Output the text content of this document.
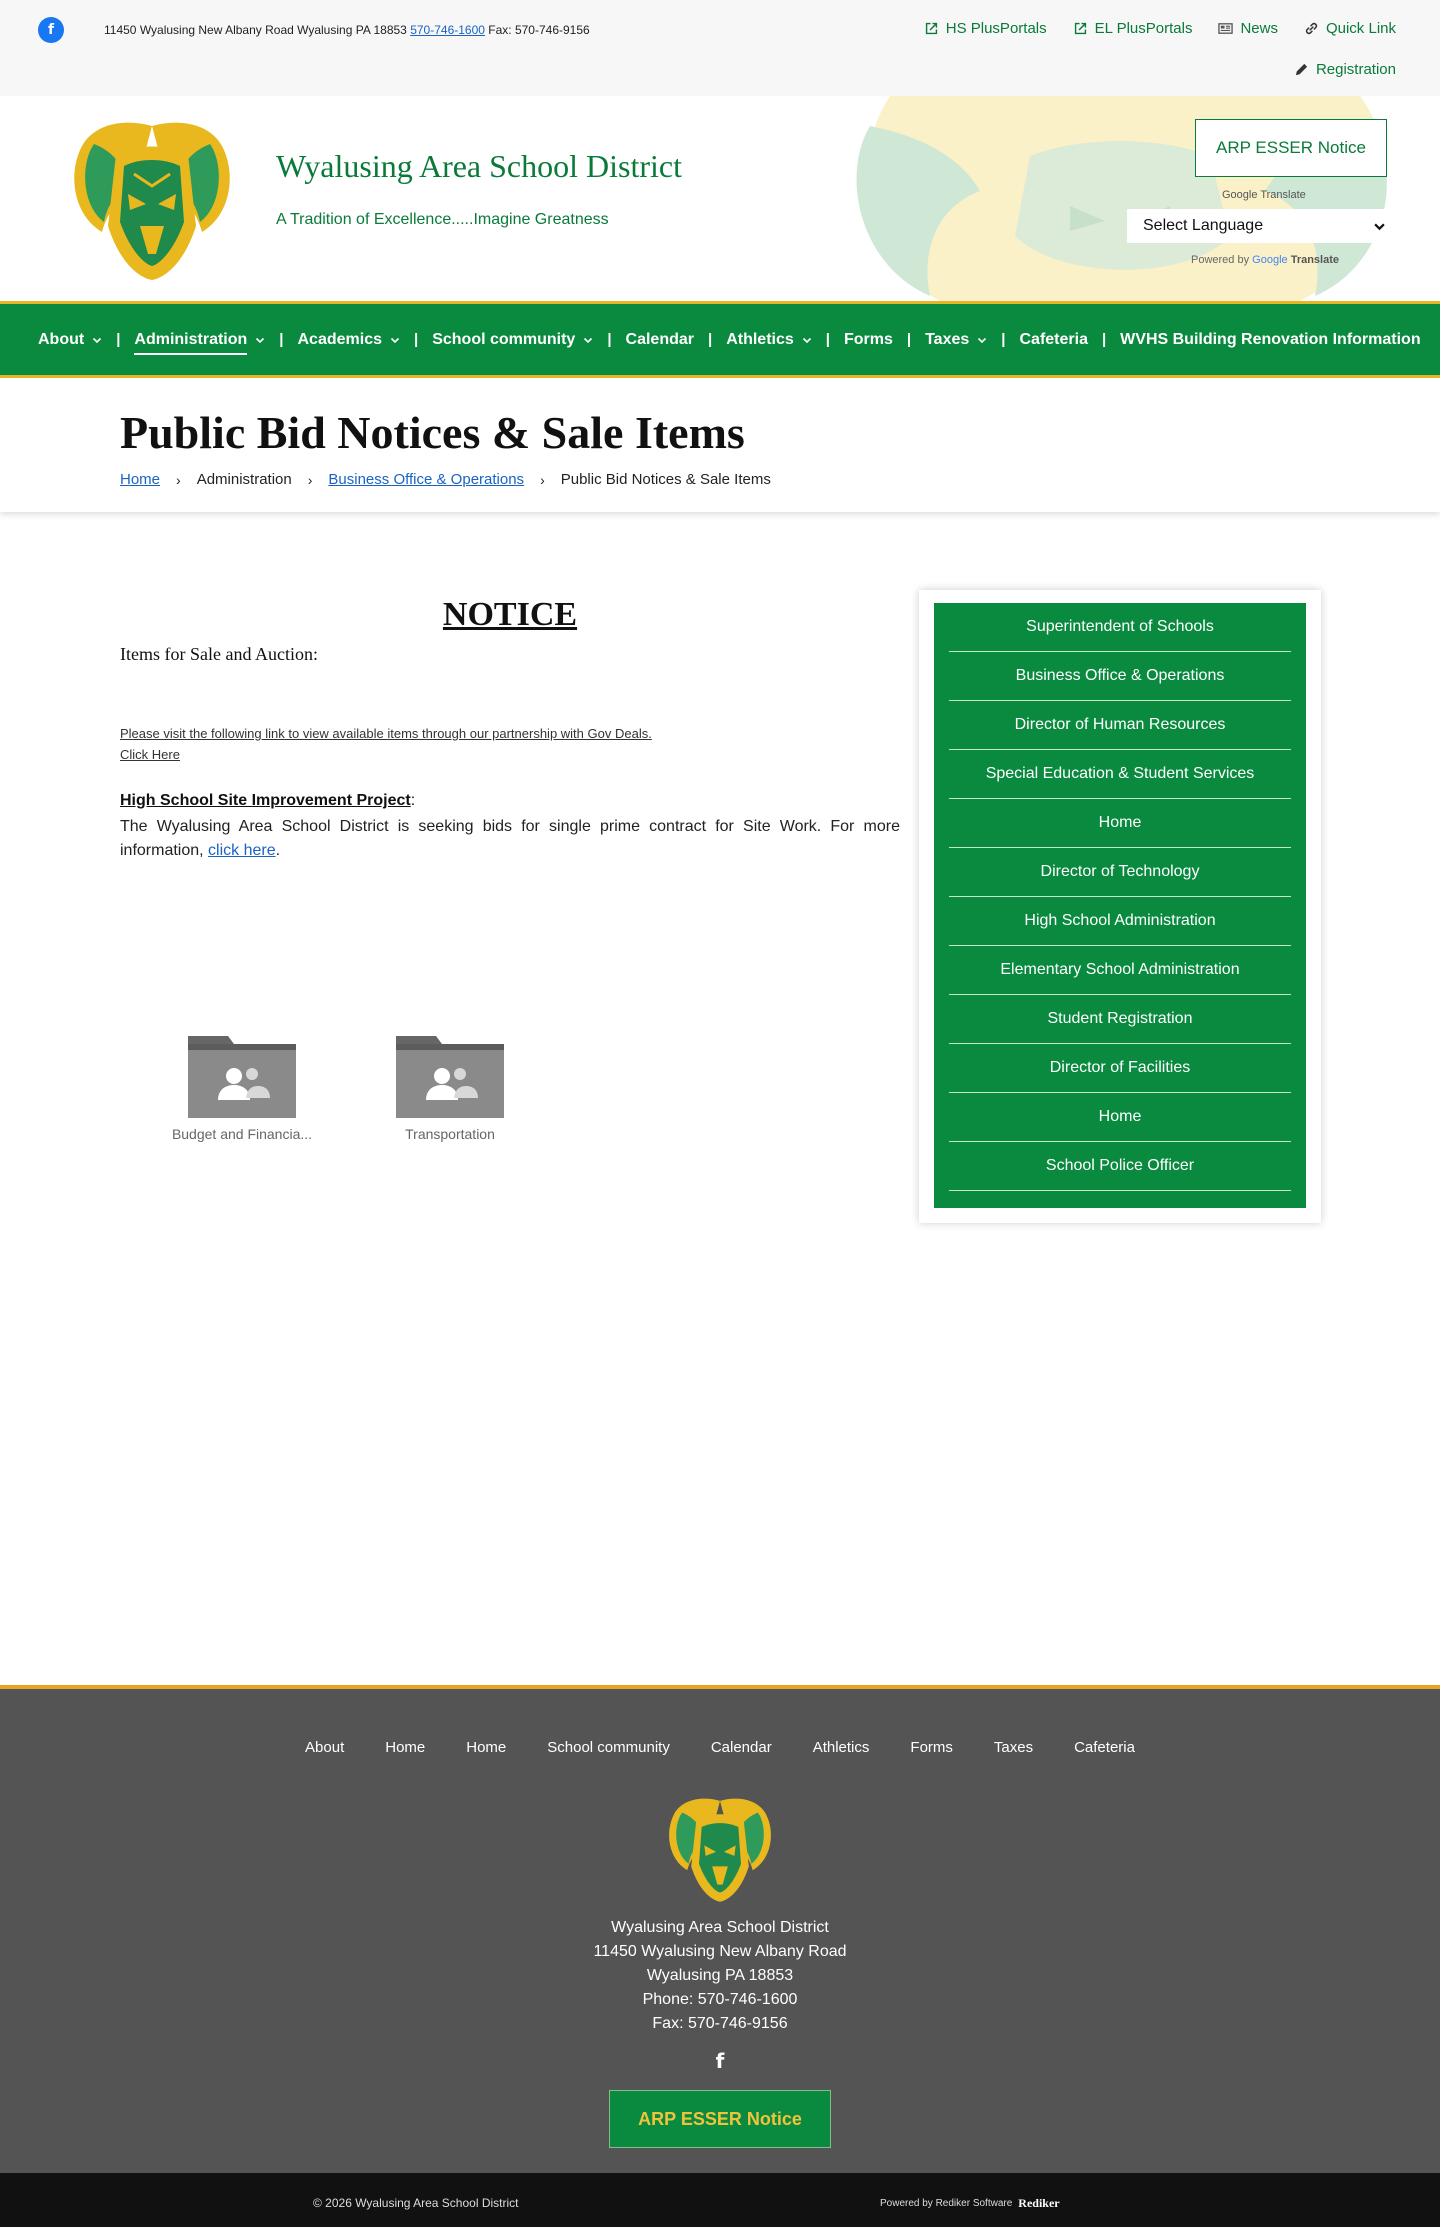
f	11450 Wyalusing New Albany Road Wyalusing PA 18853 570-746-1600 Fax: 570-746-9156	HS PlusPortals	EL PlusPortals	News	Quick Link
Registration
Wyalusing Area School District
A Tradition of Excellence.....Imagine Greatness
ARP ESSER Notice
Google Translate
Select Language
Powered by Google Translate
About | Administration | Academics | School community | Calendar | Athletics | Forms | Taxes | Cafeteria | WVHS Building Renovation Information
Public Bid Notices & Sale Items
Home › Administration › Business Office & Operations › Public Bid Notices & Sale Items
NOTICE
Items for Sale and Auction:
Please visit the following link to view available items through our partnership with Gov Deals.
Click Here
High School Site Improvement Project:
The Wyalusing Area School District is seeking bids for single prime contract for Site Work. For more information, click here.
Budget and Financia...	Transportation
Superintendent of Schools
Business Office & Operations
Director of Human Resources
Special Education & Student Services
Home
Director of Technology
High School Administration
Elementary School Administration
Student Registration
Director of Facilities
Home
School Police Officer
About	Home	Home	School community	Calendar	Athletics	Forms	Taxes	Cafeteria
Wyalusing Area School District
11450 Wyalusing New Albany Road
Wyalusing PA 18853
Phone: 570-746-1600
Fax: 570-746-9156
f
ARP ESSER Notice
© 2026 Wyalusing Area School District	Powered by Rediker Software Rediker
